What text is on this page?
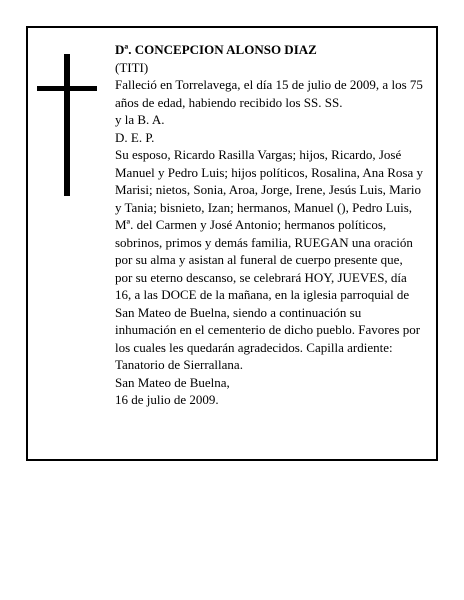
Dª. CONCEPCION ALONSO DIAZ

(TITI)

Falleció en Torrelavega, el día 15 de julio de 2009, a los 75 años de edad, habiendo recibido los SS. SS.

y la B. A.

D. E. P.

Su esposo, Ricardo Rasilla Vargas; hijos, Ricardo, José Manuel y Pedro Luis; hijos políticos, Rosalina, Ana Rosa y Marisi; nietos, Sonia, Aroa, Jorge, Irene, Jesús Luis, Mario y Tania; bisnieto, Izan; hermanos, Manuel (), Pedro Luis, Mª. del Carmen y José Antonio; hermanos políticos, sobrinos, primos y demás familia, RUEGAN una oración por su alma y asistan al funeral de cuerpo presente que, por su eterno descanso, se celebrará HOY, JUEVES, día 16, a las DOCE de la mañana, en la iglesia parroquial de San Mateo de Buelna, siendo a continuación su inhumación en el cementerio de dicho pueblo. Favores por los cuales les quedarán agradecidos. Capilla ardiente: Tanatorio de Sierrallana.

San Mateo de Buelna,

16 de julio de 2009.
